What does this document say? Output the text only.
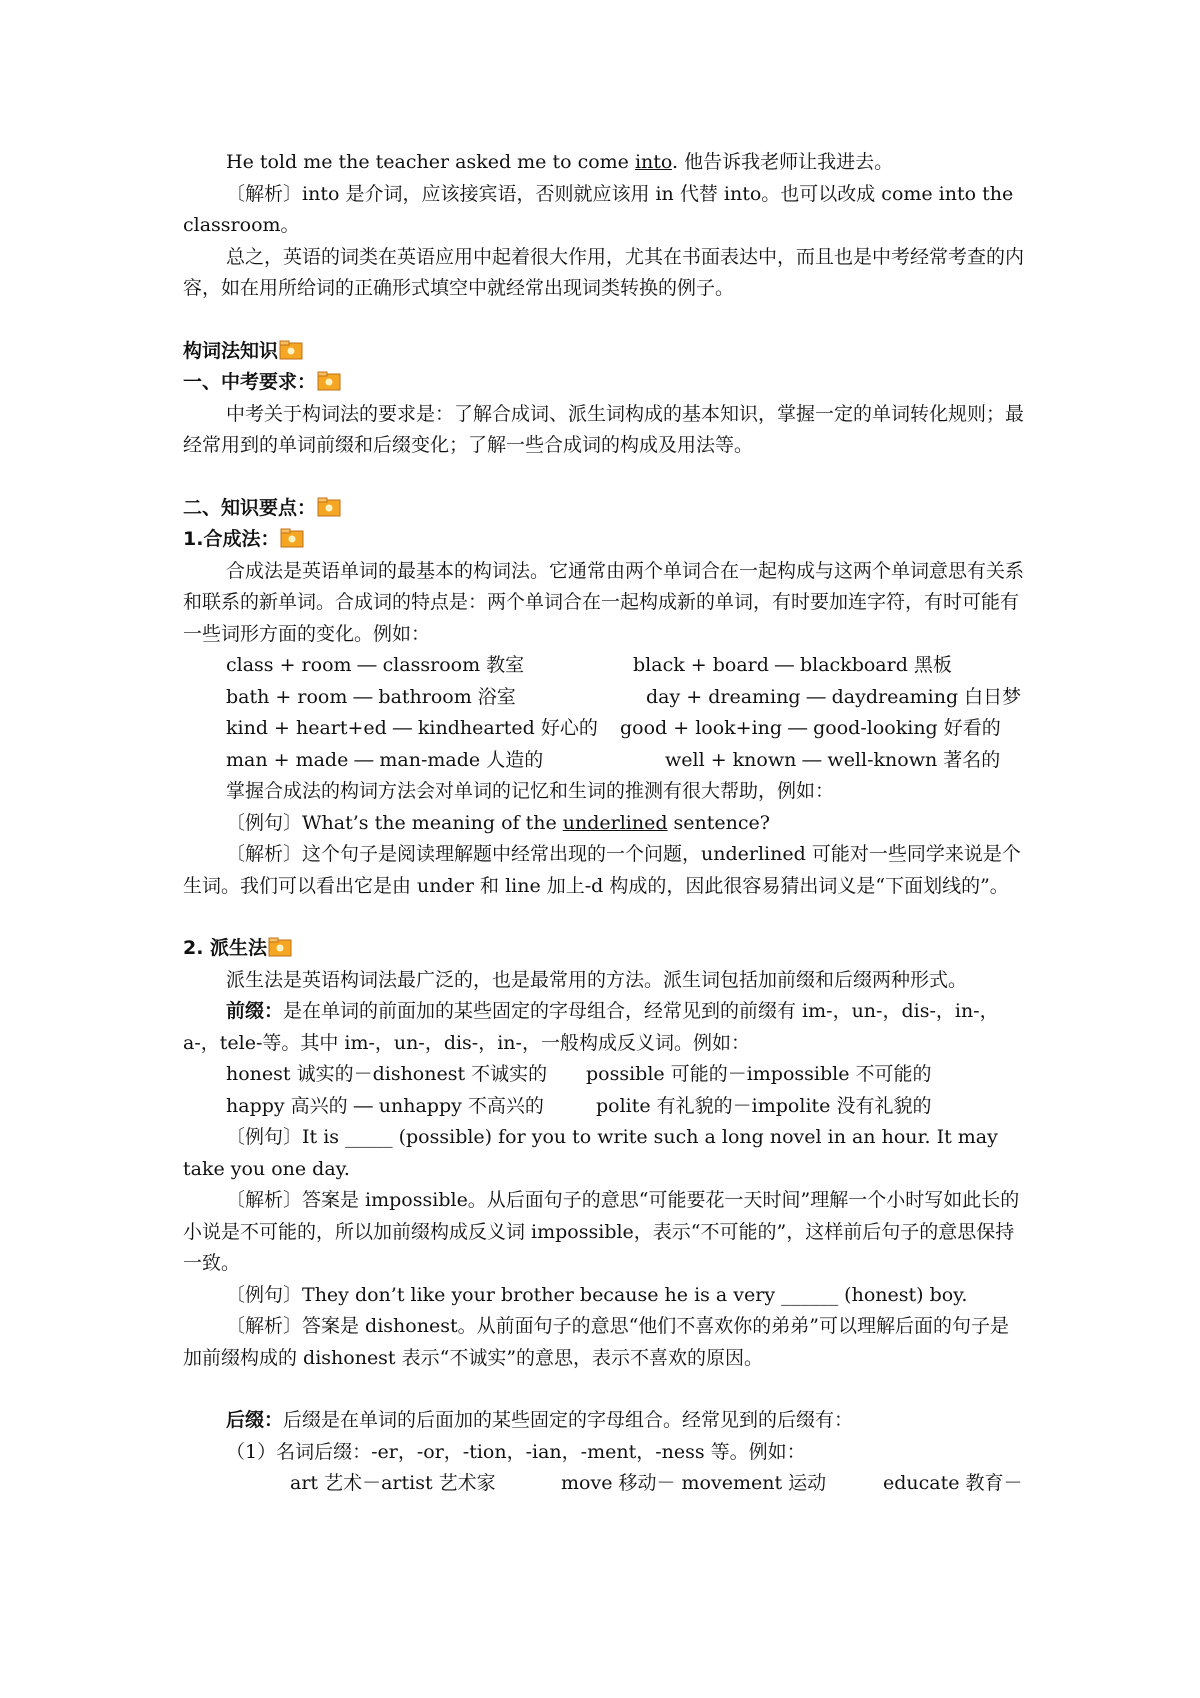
He told me the teacher asked me to come into. 他告诉我老师让我进去。

〔解析〕into 是介词，应该接宾语，否则就应该用 in 代替 into。也可以改成 come into the classroom。

总之，英语的词类在英语应用中起着很大作用，尤其在书面表达中，而且也是中考经常考查的内容，如在用所给词的正确形式填空中就经常出现词类转换的例子。

构词法知识

一、中考要求：

中考关于构词法的要求是：了解合成词、派生词构成的基本知识，掌握一定的单词转化规则；最经常用到的单词前缀和后缀变化；了解一些合成词的构成及用法等。

二、知识要点：

1.合成法：

合成法是英语单词的最基本的构词法。它通常由两个单词合在一起构成与这两个单词意思有关系和联系的新单词。合成词的特点是：两个单词合在一起构成新的单词，有时要加连字符，有时可能有一些词形方面的变化。例如：

class + room ― classroom 教室	black + board ― blackboard 黑板
bath + room ― bathroom 浴室	day + dreaming ― daydreaming 白日梦
kind + heart+ed ― kindhearted 好心的 good + look+ing ― good-looking 好看的
man + made ― man-made 人造的	well + known ― well-known 著名的

掌握合成法的构词方法会对单词的记忆和生词的推测有很大帮助，例如：

〔例句〕What’s the meaning of the underlined sentence?

〔解析〕这个句子是阅读理解题中经常出现的一个问题，underlined 可能对一些同学来说是个生词。我们可以看出它是由 under 和 line 加上-d 构成的，因此很容易猜出词义是“下面划线的”。

2. 派生法

派生法是英语构词法最广泛的，也是最常用的方法。派生词包括加前缀和后缀两种形式。

前缀：是在单词的前面加的某些固定的字母组合，经常见到的前缀有 im-，un-，dis-，in-，a-，tele-等。其中 im-，un-，dis-，in-，一般构成反义词。例如：

honest 诚实的－dishonest 不诚实的 possible 可能的－impossible 不可能的
happy 高兴的 ― unhappy 不高兴的	polite 有礼貌的－impolite 没有礼貌的

〔例句〕It is _____ (possible) for you to write such a long novel in an hour. It may take you one day.

〔解析〕答案是 impossible。从后面句子的意思“可能要花一天时间”理解一个小时写如此长的小说是不可能的，所以加前缀构成反义词 impossible，表示“不可能的”，这样前后句子的意思保持一致。

〔例句〕They don’t like your brother because he is a very ______ (honest) boy.

〔解析〕答案是 dishonest。从前面句子的意思“他们不喜欢你的弟弟”可以理解后面的句子是加前缀构成的 dishonest 表示“不诚实”的意思，表示不喜欢的原因。

后缀：后缀是在单词的后面加的某些固定的字母组合。经常见到的后缀有：

（1）名词后缀：-er，-or，-tion，-ian，-ment，-ness 等。例如：

art 艺术－artist 艺术家	move 移动－ movement 运动	educate 教育－
